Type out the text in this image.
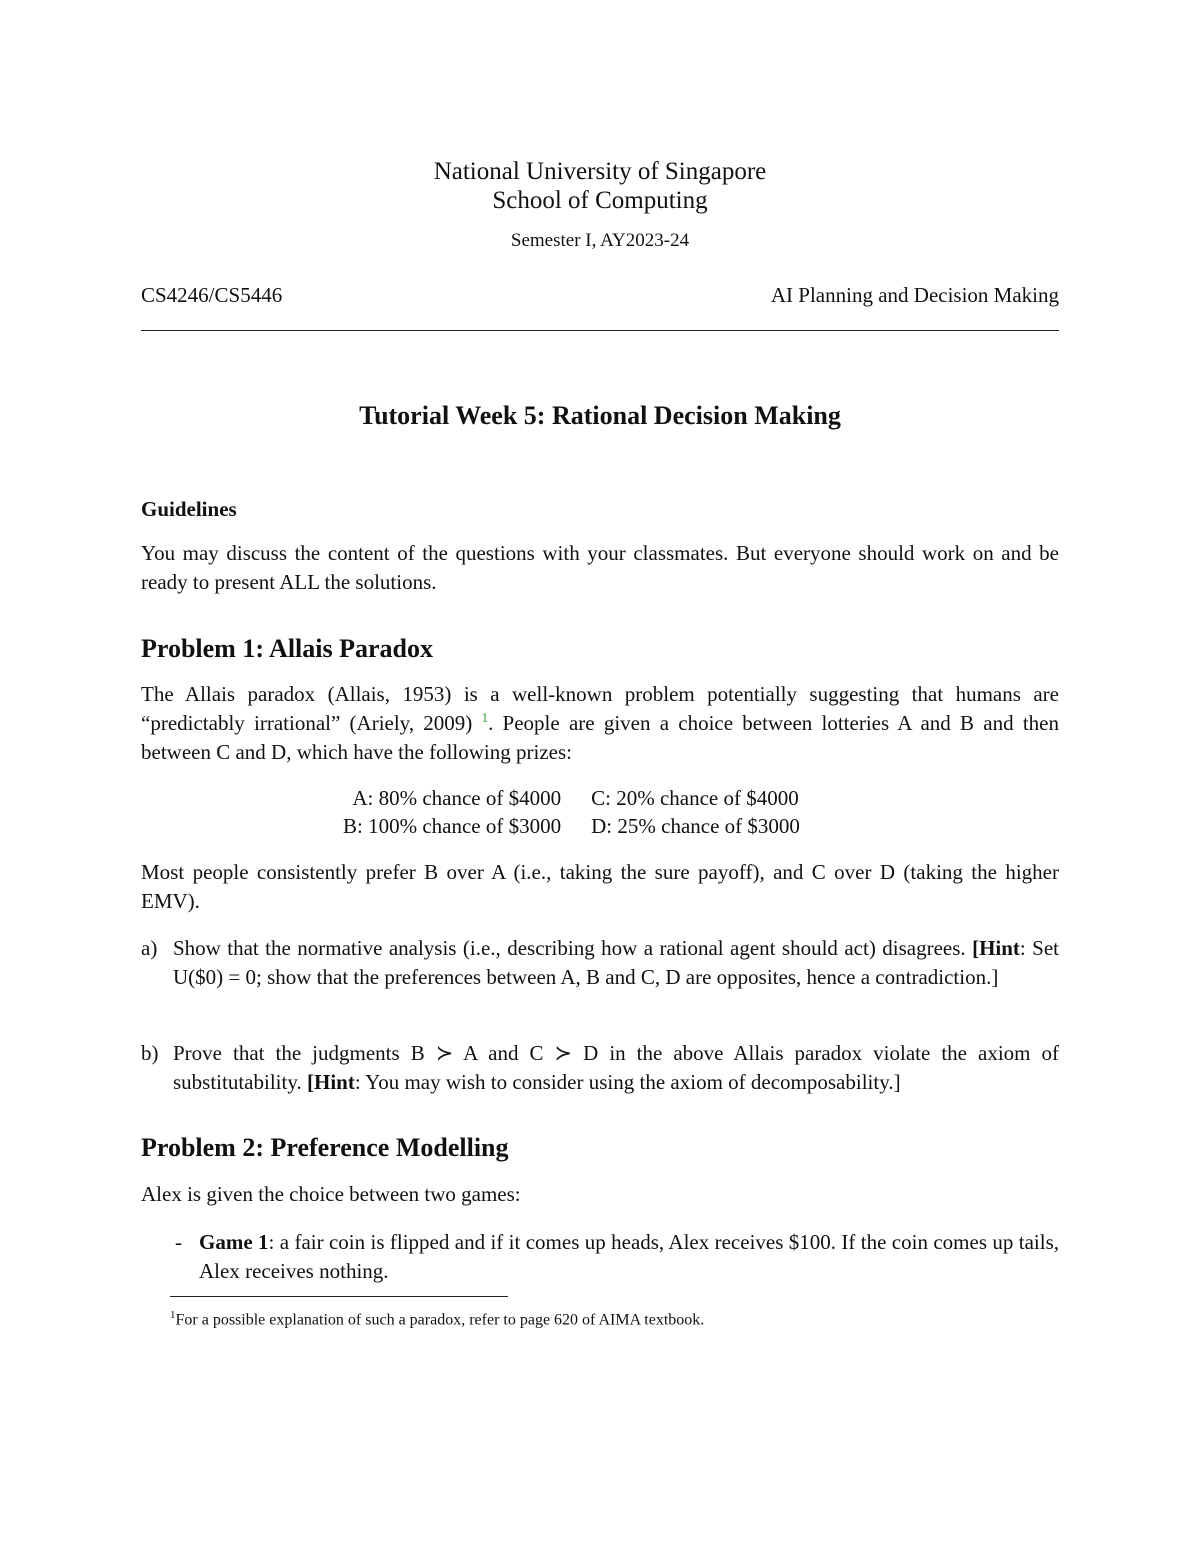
National University of Singapore
School of Computing
Semester I, AY2023-24
CS4246/CS5446	AI Planning and Decision Making
Tutorial Week 5: Rational Decision Making
Guidelines
You may discuss the content of the questions with your classmates. But everyone should work on and be ready to present ALL the solutions.
Problem 1: Allais Paradox
The Allais paradox (Allais, 1953) is a well-known problem potentially suggesting that humans are “predictably irrational” (Ariely, 2009) $^1$. People are given a choice between lotteries A and B and then between C and D, which have the following prizes:
A: 80% chance of $4000	C: 20% chance of $4000
B: 100% chance of $3000	D: 25% chance of $3000
Most people consistently prefer B over A (i.e., taking the sure payoff), and C over D (taking the higher EMV).
a) Show that the normative analysis (i.e., describing how a rational agent should act) disagrees. [Hint: Set U($0) = 0; show that the preferences between A, B and C, D are opposites, hence a contradiction.]
b) Prove that the judgments B ≻ A and C ≻ D in the above Allais paradox violate the axiom of substitutability. [Hint: You may wish to consider using the axiom of decomposability.]
Problem 2: Preference Modelling
Alex is given the choice between two games:
- Game 1: a fair coin is flipped and if it comes up heads, Alex receives $100. If the coin comes up tails, Alex receives nothing.
$^1$For a possible explanation of such a paradox, refer to page 620 of AIMA textbook.
